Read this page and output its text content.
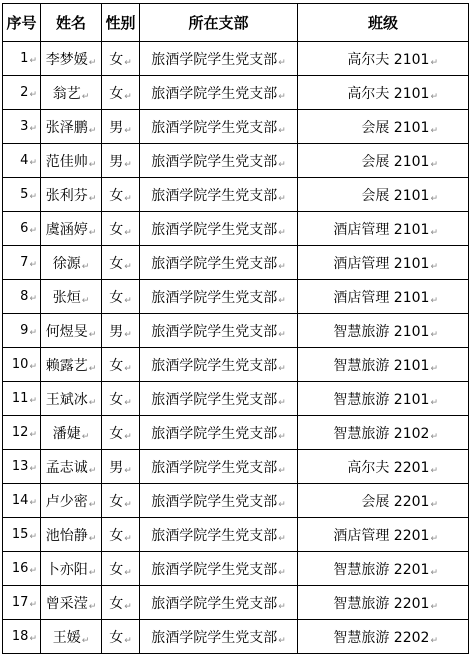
序号	姓名	性别	所在支部	班级
1↵	李梦媛↵	女↵	旅酒学院学生党支部↵	高尔夫 2101↵
2↵	翁艺↵	女↵	旅酒学院学生党支部↵	高尔夫 2101↵
3↵	张泽鹏↵	男↵	旅酒学院学生党支部↵	会展 2101↵
4↵	范佳帅↵	男↵	旅酒学院学生党支部↵	会展 2101↵
5↵	张利芬↵	女↵	旅酒学院学生党支部↵	会展 2101↵
6↵	虞涵婷↵	女↵	旅酒学院学生党支部↵	酒店管理 2101↵
7↵	徐源↵	女↵	旅酒学院学生党支部↵	酒店管理 2101↵
8↵	张烜↵	女↵	旅酒学院学生党支部↵	酒店管理 2101↵
9↵	何煜旻↵	男↵	旅酒学院学生党支部↵	智慧旅游 2101↵
10↵	赖露艺↵	女↵	旅酒学院学生党支部↵	智慧旅游 2101↵
11↵	王斌冰↵	女↵	旅酒学院学生党支部↵	智慧旅游 2101↵
12↵	潘婕↵	女↵	旅酒学院学生党支部↵	智慧旅游 2102↵
13↵	孟志诚↵	男↵	旅酒学院学生党支部↵	高尔夫 2201↵
14↵	卢少密↵	女↵	旅酒学院学生党支部↵	会展 2201↵
15↵	池怡静↵	女↵	旅酒学院学生党支部↵	酒店管理 2201↵
16↵	卜亦阳↵	女↵	旅酒学院学生党支部↵	智慧旅游 2201↵
17↵	曾采滢↵	女↵	旅酒学院学生党支部↵	智慧旅游 2201↵
18↵	王媛↵	女↵	旅酒学院学生党支部↵	智慧旅游 2202↵
